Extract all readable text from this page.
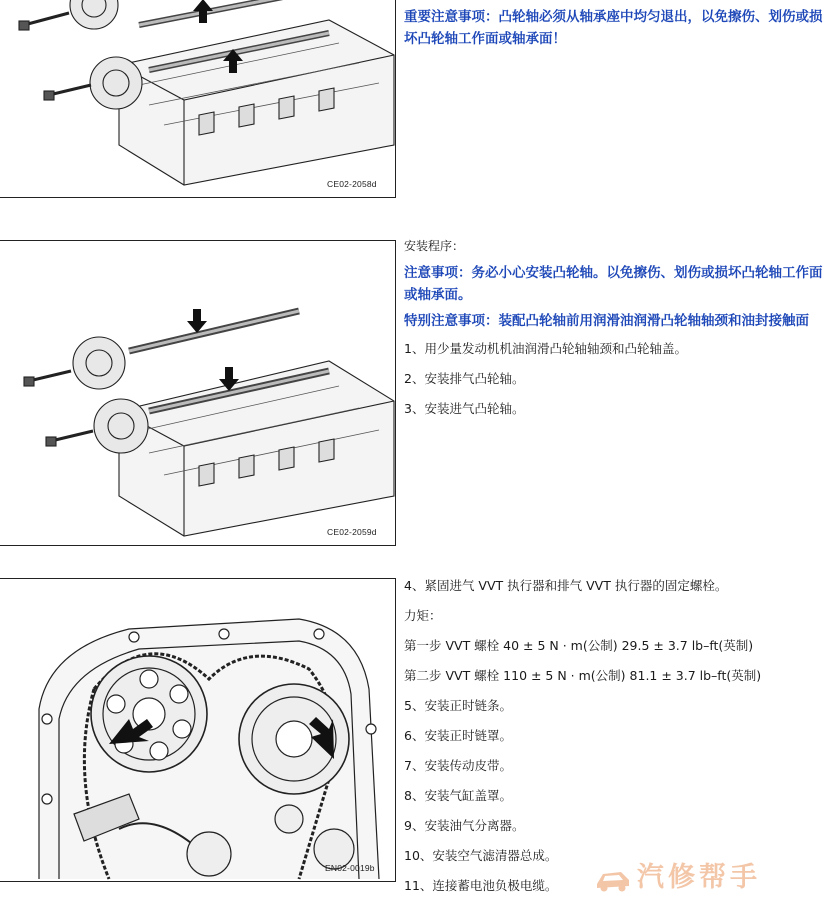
CE02-2058d
CE02-2059d
EN02-0019b

重要注意事项：凸轮轴必须从轴承座中均匀退出，以免擦伤、划伤或损坏凸轮轴工作面或轴承面！

安装程序：

注意事项：务必小心安装凸轮轴。以免擦伤、划伤或损坏凸轮轴工作面或轴承面。

特别注意事项：装配凸轮轴前用润滑油润滑凸轮轴轴颈和油封接触面

1、用少量发动机机油润滑凸轮轴轴颈和凸轮轴盖。

2、安装排气凸轮轴。

3、安装进气凸轮轴。

4、紧固进气 VVT 执行器和排气 VVT 执行器的固定螺栓。

力矩：

第一步 VVT 螺栓 40 ± 5 N · m(公制) 29.5 ± 3.7 lb–ft(英制)

第二步 VVT 螺栓 110 ± 5 N · m(公制) 81.1 ± 3.7 lb–ft(英制)

5、安装正时链条。

6、安装正时链罩。

7、安装传动皮带。

8、安装气缸盖罩。

9、安装油气分离器。

10、安装空气滤清器总成。

11、连接蓄电池负极电缆。	汽修帮手
